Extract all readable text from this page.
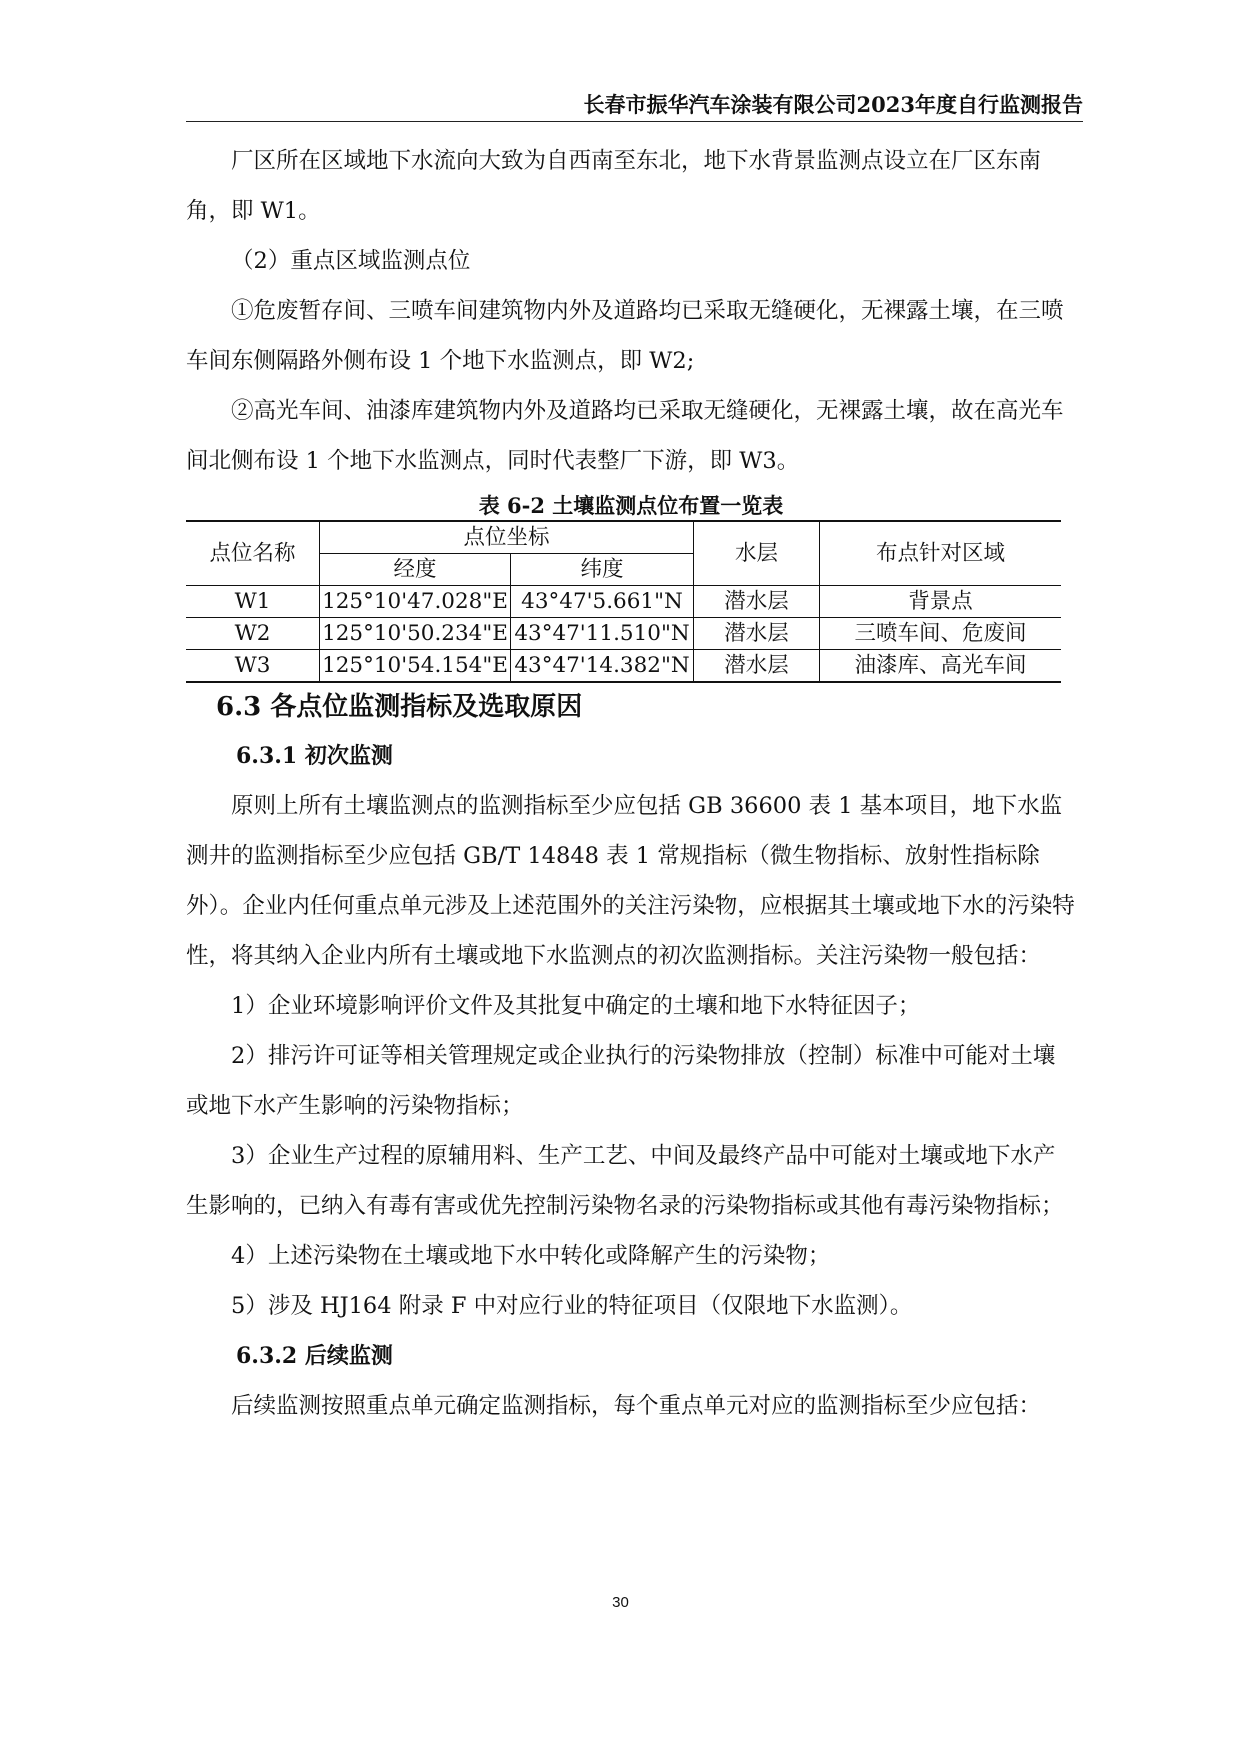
长春市振华汽车涂装有限公司2023年度自行监测报告

厂区所在区域地下水流向大致为自西南至东北，地下水背景监测点设立在厂区东南角，即 W1。

（2）重点区域监测点位

①危废暂存间、三喷车间建筑物内外及道路均已采取无缝硬化，无裸露土壤，在三喷车间东侧隔路外侧布设 1 个地下水监测点，即 W2;

②高光车间、油漆库建筑物内外及道路均已采取无缝硬化，无裸露土壤，故在高光车间北侧布设 1 个地下水监测点，同时代表整厂下游，即 W3。

表 6-2 土壤监测点位布置一览表
点位名称	点位坐标		水层	布点针对区域
	经度	纬度		
W1	125°10'47.028"E	43°47'5.661"N	潜水层	背景点
W2	125°10'50.234"E	43°47'11.510"N	潜水层	三喷车间、危废间
W3	125°10'54.154"E	43°47'14.382"N	潜水层	油漆库、高光车间
6.3 各点位监测指标及选取原因
6.3.1 初次监测

原则上所有土壤监测点的监测指标至少应包括 GB 36600 表 1 基本项目，地下水监测井的监测指标至少应包括 GB/T 14848 表 1 常规指标（微生物指标、放射性指标除外）。企业内任何重点单元涉及上述范围外的关注污染物，应根据其土壤或地下水的污染特性，将其纳入企业内所有土壤或地下水监测点的初次监测指标。关注污染物一般包括：

1）企业环境影响评价文件及其批复中确定的土壤和地下水特征因子；

2）排污许可证等相关管理规定或企业执行的污染物排放（控制）标准中可能对土壤或地下水产生影响的污染物指标；

3）企业生产过程的原辅用料、生产工艺、中间及最终产品中可能对土壤或地下水产生影响的，已纳入有毒有害或优先控制污染物名录的污染物指标或其他有毒污染物指标；

4）上述污染物在土壤或地下水中转化或降解产生的污染物；

5）涉及 HJ164 附录 F 中对应行业的特征项目（仅限地下水监测）。

6.3.2 后续监测

后续监测按照重点单元确定监测指标，每个重点单元对应的监测指标至少应包括：

30
